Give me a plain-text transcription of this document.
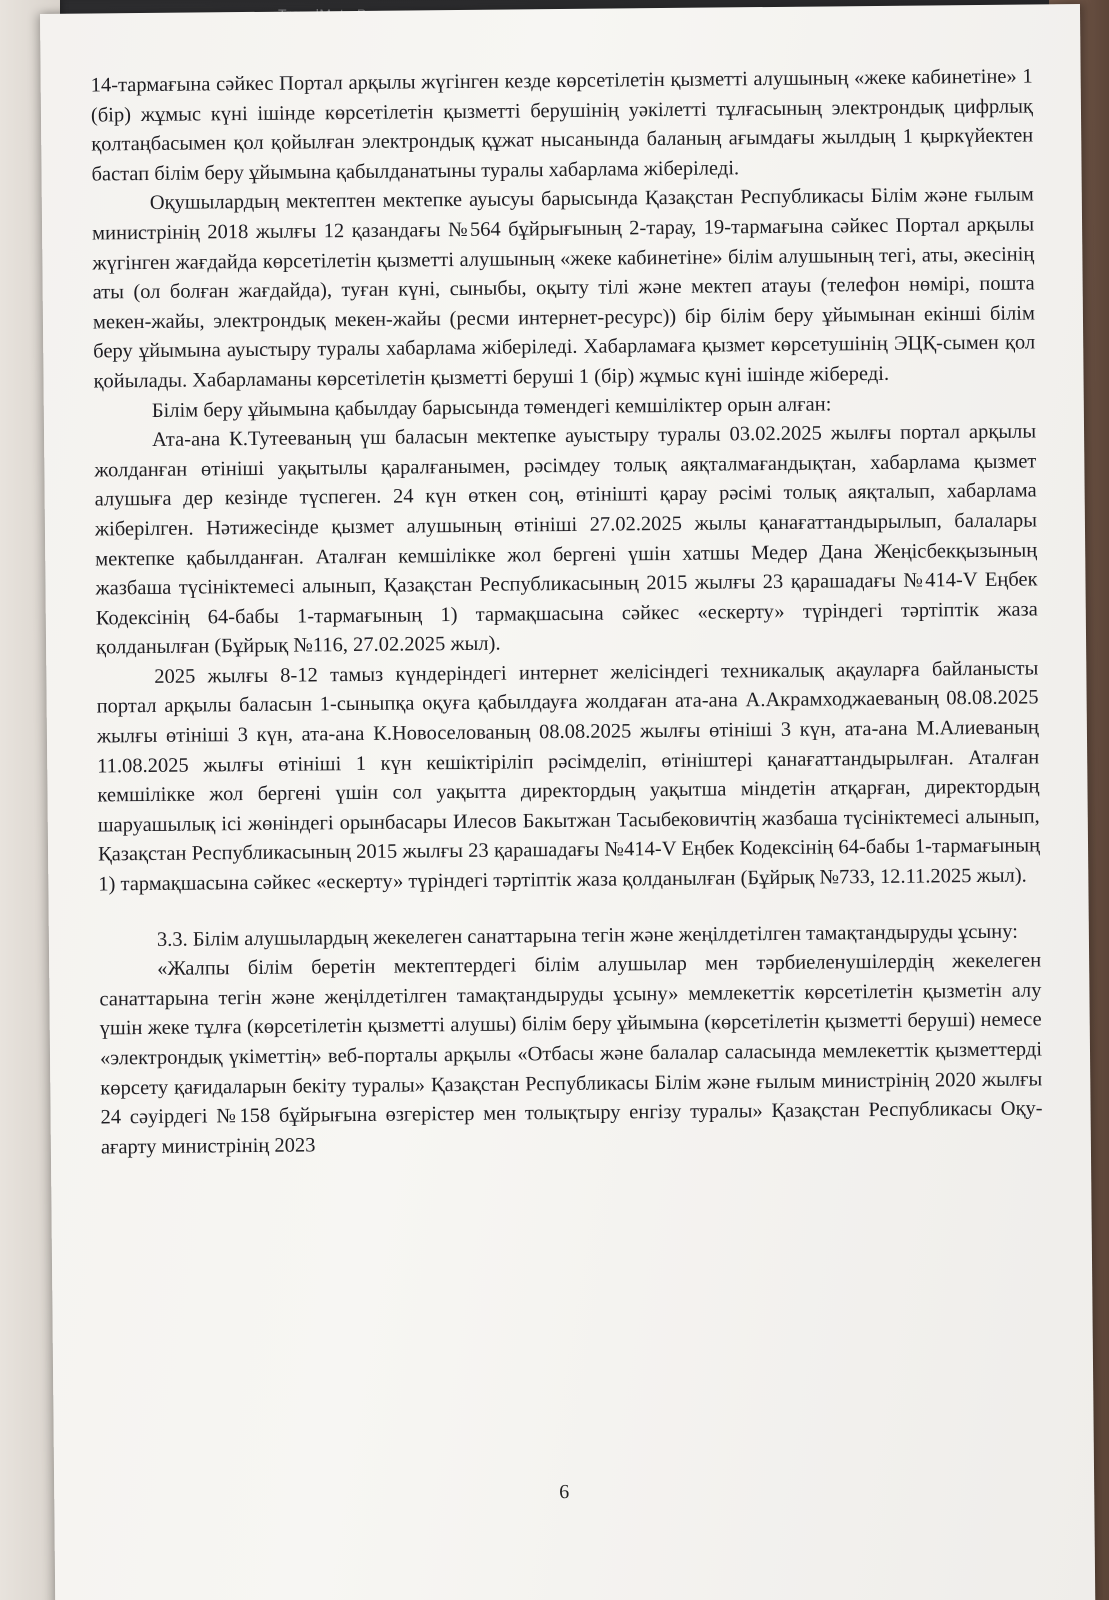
14-тармағына сәйкес Портал арқылы жүгінген кезде көрсетілетін қызметті алушының «жеке кабинетіне» 1 (бір) жұмыс күні ішінде көрсетілетін қызметті берушінің уәкілетті тұлғасының электрондық цифрлық қолтаңбасымен қол қойылған электрондық құжат нысанында баланың ағымдағы жылдың 1 қыркүйектен бастап білім беру ұйымына қабылданатыны туралы хабарлама жіберіледі.

Оқушылардың мектептен мектепке ауысуы барысында Қазақстан Республикасы Білім және ғылым министрінің 2018 жылғы 12 қазандағы №564 бұйрығының 2-тарау, 19-тармағына сәйкес Портал арқылы жүгінген жағдайда көрсетілетін қызметті алушының «жеке кабинетіне» білім алушының тегі, аты, әкесінің аты (ол болған жағдайда), туған күні, сыныбы, оқыту тілі және мектеп атауы (телефон нөмірі, пошта мекен-жайы, электрондық мекен-жайы (ресми интернет-ресурс)) бір білім беру ұйымынан екінші білім беру ұйымына ауыстыру туралы хабарлама жіберіледі. Хабарламаға қызмет көрсетушінің ЭЦҚ-сымен қол қойылады. Хабарламаны көрсетілетін қызметті беруші 1 (бір) жұмыс күні ішінде жібереді.

Білім беру ұйымына қабылдау барысында төмендегі кемшіліктер орын алған:

Ата-ана К.Тутееваның үш баласын мектепке ауыстыру туралы 03.02.2025 жылғы портал арқылы жолданған өтініші уақытылы қаралғанымен, рәсімдеу толық аяқталмағандықтан, хабарлама қызмет алушыға дер кезінде түспеген. 24 күн өткен соң, өтінішті қарау рәсімі толық аяқталып, хабарлама жіберілген. Нәтижесінде қызмет алушының өтініші 27.02.2025 жылы қанағаттандырылып, балалары мектепке қабылданған. Аталған кемшілікке жол бергені үшін хатшы Медер Дана Жеңісбекқызының жазбаша түсініктемесі алынып, Қазақстан Республикасының 2015 жылғы 23 қарашадағы №414-V Еңбек Кодексінің 64-бабы 1-тармағының 1) тармақшасына сәйкес «ескерту» түріндегі тәртіптік жаза қолданылған (Бұйрық №116, 27.02.2025 жыл).

2025 жылғы 8-12 тамыз күндеріндегі интернет желісіндегі техникалық ақауларға байланысты портал арқылы баласын 1-сыныпқа оқуға қабылдауға жолдаған ата-ана А.Акрамходжаеваның 08.08.2025 жылғы өтініші 3 күн, ата-ана К.Новоселованың 08.08.2025 жылғы өтініші 3 күн, ата-ана М.Алиеваның 11.08.2025 жылғы өтініші 1 күн кешіктіріліп рәсімделіп, өтініштері қанағаттандырылған. Аталған кемшілікке жол бергені үшін сол уақытта директордың уақытша міндетін атқарған, директордың шаруашылық ісі жөніндегі орынбасары Илесов Бакытжан Тасыбековичтің жазбаша түсініктемесі алынып, Қазақстан Республикасының 2015 жылғы 23 қарашадағы №414-V Еңбек Кодексінің 64-бабы 1-тармағының 1) тармақшасына сәйкес «ескерту» түріндегі тәртіптік жаза қолданылған (Бұйрық №733, 12.11.2025 жыл).

3.3. Білім алушылардың жекелеген санаттарына тегін және жеңілдетілген тамақтандыруды ұсыну:

«Жалпы білім беретін мектептердегі білім алушылар мен тәрбиеленушілердің жекелеген санаттарына тегін және жеңілдетілген тамақтандыруды ұсыну» мемлекеттік көрсетілетін қызметін алу үшін жеке тұлға (көрсетілетін қызметті алушы) білім беру ұйымына (көрсетілетін қызметті беруші) немесе «электрондық үкіметтің» веб-порталы арқылы «Отбасы және балалар саласында мемлекеттік қызметтерді көрсету қағидаларын бекіту туралы» Қазақстан Республикасы Білім және ғылым министрінің 2020 жылғы 24 сәуірдегі №158 бұйрығына өзгерістер мен толықтыру енгізу туралы» Қазақстан Республикасы Оқу-ағарту министрінің 2023

6
